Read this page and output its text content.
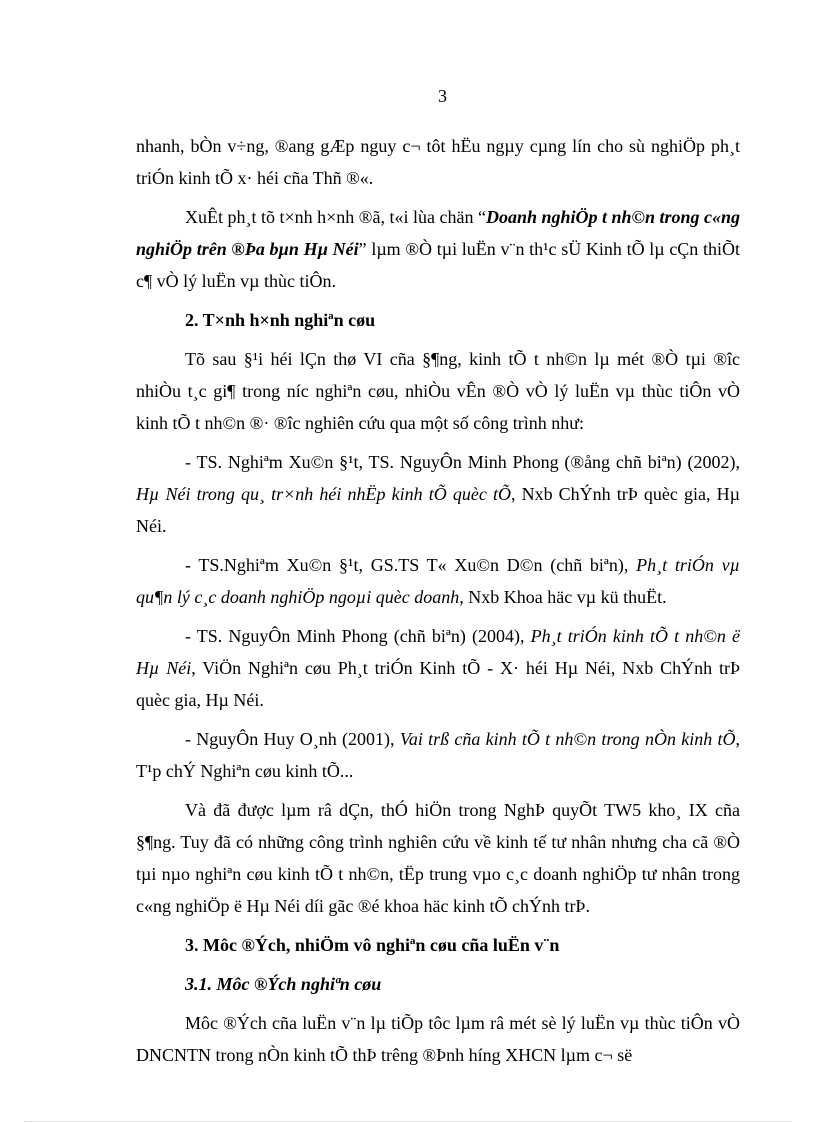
3

nhanh, bÒn v÷ng, ®ang gÆp nguy c¬ tôt hËu ngµy cµng lín cho sù nghiÖp ph¸t triÓn kinh tÕ x· héi cña Thñ ®«.

XuÊt ph¸t tõ t×nh h×nh ®ã, t«i lùa chän “Doanh nghiÖp t nh©n trong c«ng nghiÖp trên ®Þa bµn Hµ Néi” lµm ®Ò tµi luËn v¨n th¹c sÜ Kinh tÕ lµ cÇn thiÕt c¶ vÒ lý luËn vµ thùc tiÔn.

2. T×nh h×nh nghiªn cøu

Tõ sau §¹i héi lÇn thø VI cña §¶ng, kinh tÕ t nh©n lµ mét ®Ò tµi ®îc nhiÒu t¸c gi¶ trong níc nghiªn cøu, nhiÒu vÊn ®Ò vÒ lý luËn vµ thùc tiÔn vÒ kinh tÕ t nh©n ®· ®îc nghiên cứu qua một số công trình như:

- TS. Nghiªm Xu©n §¹t, TS. NguyÔn Minh Phong (®ång chñ biªn) (2002), Hµ Néi trong qu¸ tr×nh héi nhËp kinh tÕ quèc tÕ, Nxb ChÝnh trÞ quèc gia, Hµ Néi.

- TS.Nghiªm Xu©n §¹t, GS.TS T« Xu©n D©n (chñ biªn), Ph¸t triÓn vµ qu¶n lý c¸c doanh nghiÖp ngoµi quèc doanh, Nxb Khoa häc vµ kü thuËt.

- TS. NguyÔn Minh Phong (chñ biªn) (2004), Ph¸t triÓn kinh tÕ t nh©n ë Hµ Néi, ViÖn Nghiªn cøu Ph¸t triÓn Kinh tÕ - X· héi Hµ Néi, Nxb ChÝnh trÞ quèc gia, Hµ Néi.

- NguyÔn Huy O¸nh (2001), Vai trß cña kinh tÕ t nh©n trong nÒn kinh tÕ, T¹p chÝ Nghiªn cøu kinh tÕ...

Và đã được lµm râ dÇn, thÓ hiÖn trong NghÞ quyÕt TW5 kho¸ IX cña §¶ng. Tuy đã có những công trình nghiên cứu về kinh tế tư nhân nhưng cha cã ®Ò tµi nµo nghiªn cøu kinh tÕ t nh©n, tËp trung vµo c¸c doanh nghiÖp tư nhân trong c«ng nghiÖp ë Hµ Néi díi gãc ®é khoa häc kinh tÕ chÝnh trÞ.

3. Môc ®Ých, nhiÖm vô nghiªn cøu cña luËn v¨n

3.1. Môc ®Ých nghiªn cøu

Môc ®Ých cña luËn v¨n lµ tiÕp tôc lµm râ mét sè lý luËn vµ thùc tiÔn vÒ DNCNTN trong nÒn kinh tÕ thÞ trêng ®Þnh híng XHCN lµm c¬ së
